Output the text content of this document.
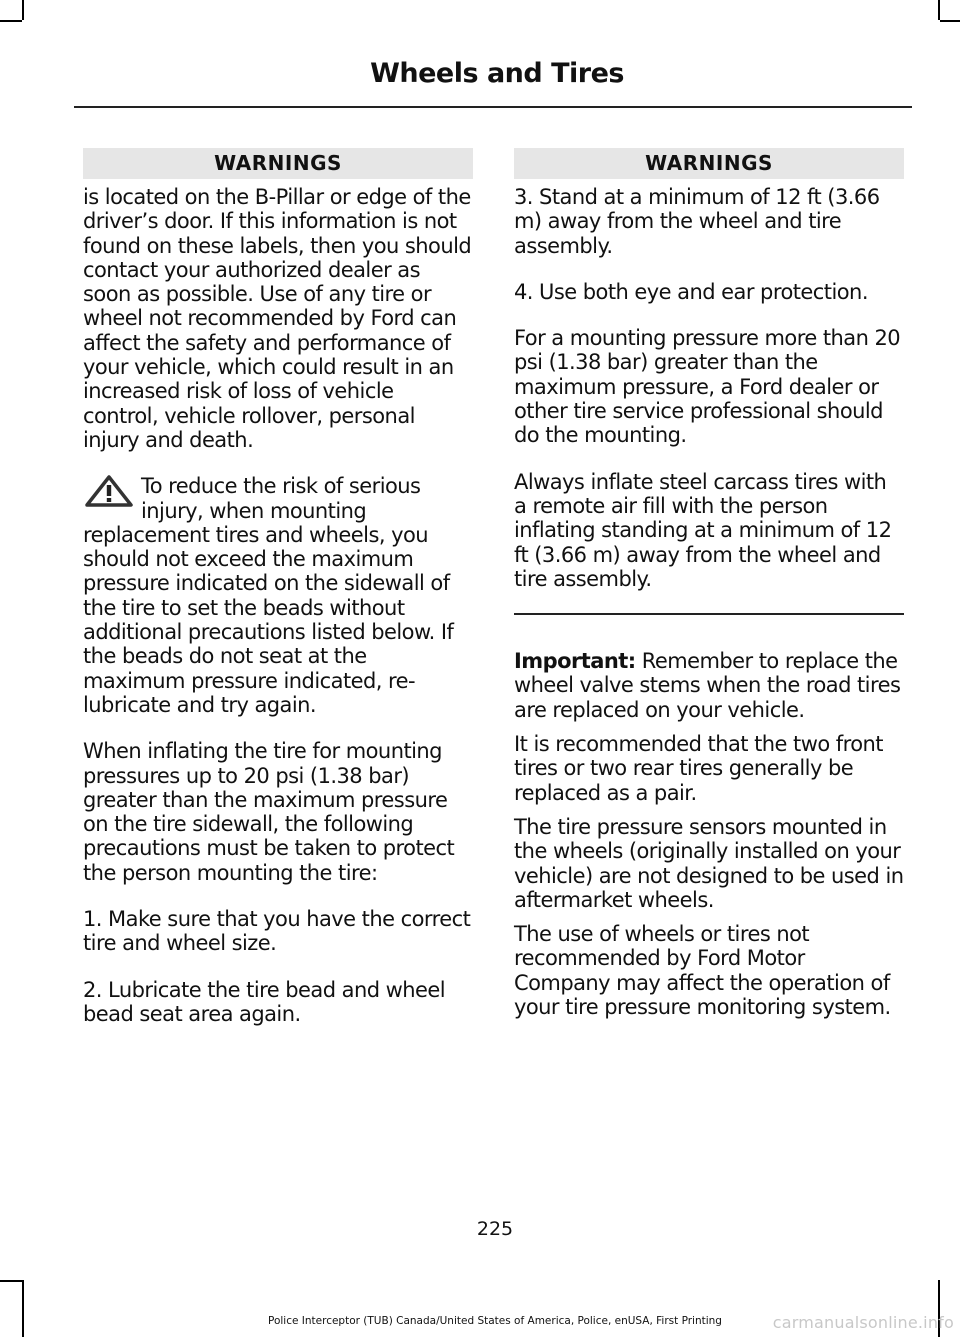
Wheels and Tires
WARNINGS

is located on the B-Pillar or edge of the driver’s door. If this information is not found on these labels, then you should contact your authorized dealer as soon as possible. Use of any tire or wheel not recommended by Ford can affect the safety and performance of your vehicle, which could result in an increased risk of loss of vehicle control, vehicle rollover, personal injury and death.

To reduce the risk of serious injury, when mounting replacement tires and wheels, you should not exceed the maximum pressure indicated on the sidewall of the tire to set the beads without additional precautions listed below. If the beads do not seat at the maximum pressure indicated, re-lubricate and try again.

When inflating the tire for mounting pressures up to 20 psi (1.38 bar) greater than the maximum pressure on the tire sidewall, the following precautions must be taken to protect the person mounting the tire:

1. Make sure that you have the correct tire and wheel size.

2. Lubricate the tire bead and wheel bead seat area again.

WARNINGS

3. Stand at a minimum of 12 ft (3.66 m) away from the wheel and tire assembly.

4. Use both eye and ear protection.

For a mounting pressure more than 20 psi (1.38 bar) greater than the maximum pressure, a Ford dealer or other tire service professional should do the mounting.

Always inflate steel carcass tires with a remote air fill with the person inflating standing at a minimum of 12 ft (3.66 m) away from the wheel and tire assembly.

Important: Remember to replace the wheel valve stems when the road tires are replaced on your vehicle.

It is recommended that the two front tires or two rear tires generally be replaced as a pair.

The tire pressure sensors mounted in the wheels (originally installed on your vehicle) are not designed to be used in aftermarket wheels.

The use of wheels or tires not recommended by Ford Motor Company may affect the operation of your tire pressure monitoring system.

225
Police Interceptor (TUB) Canada/United States of America, Police, enUSA, First Printing	carmanualsonline.info
